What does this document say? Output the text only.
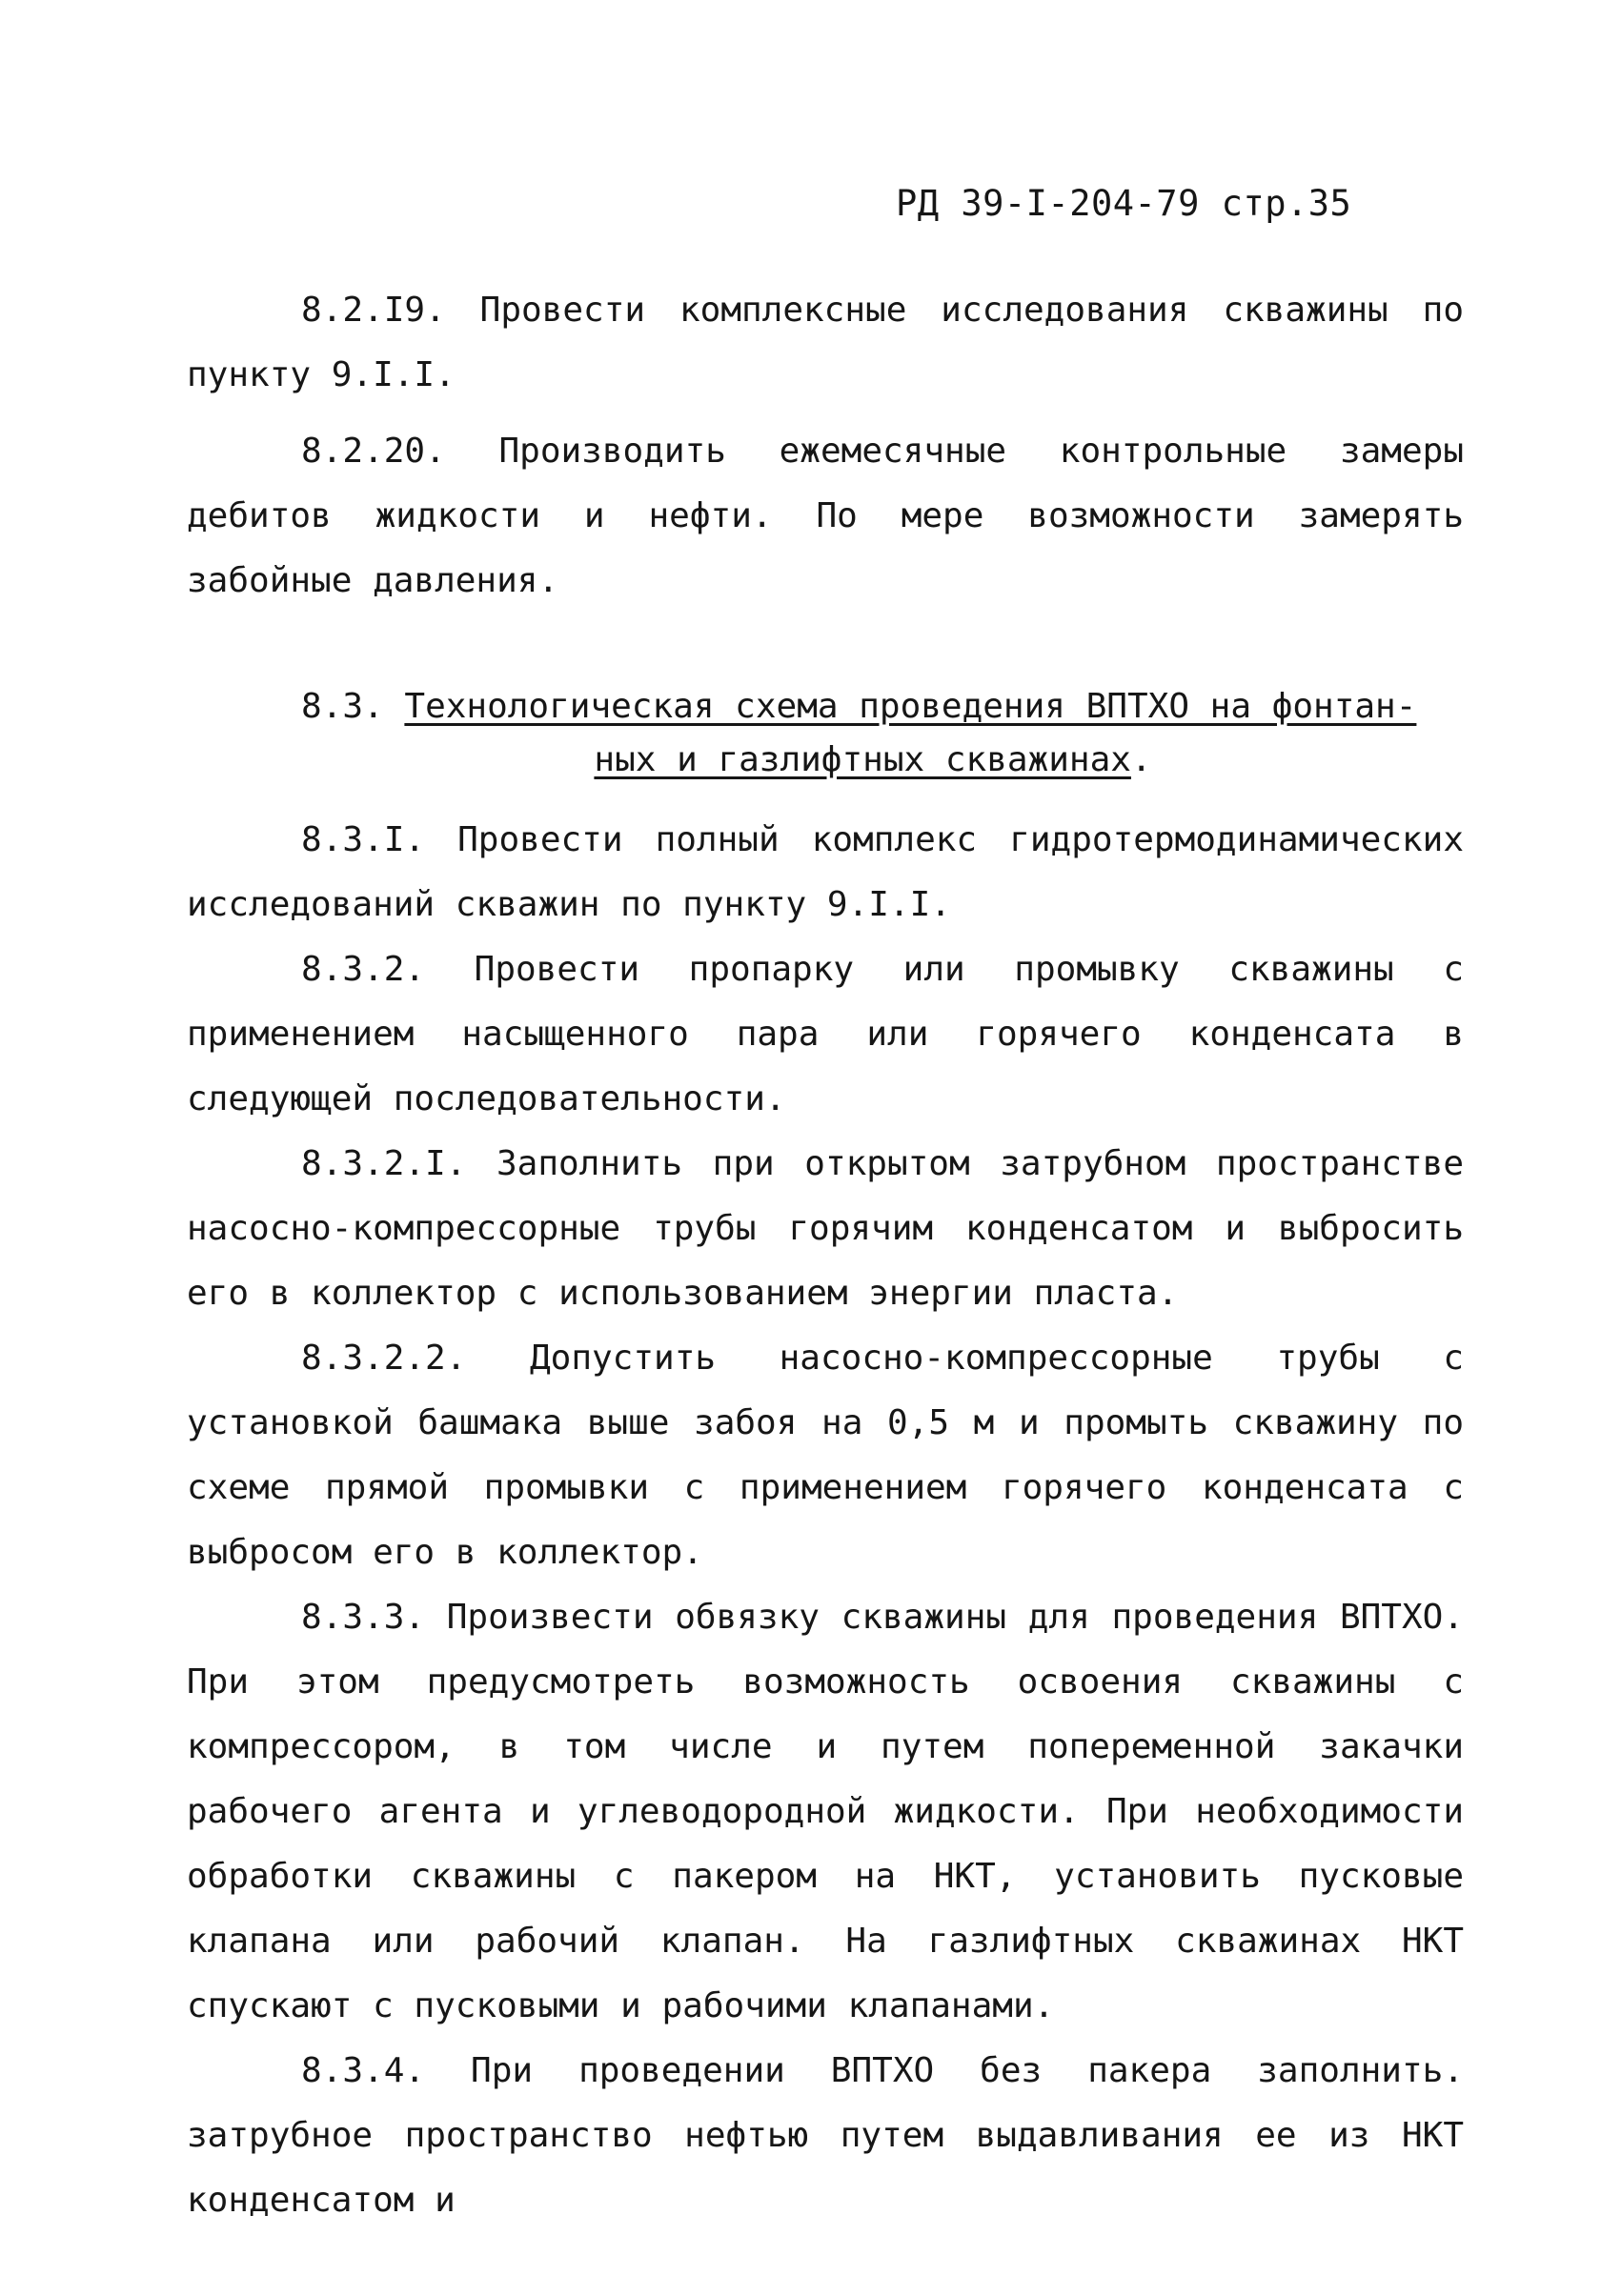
РД 39-I-204-79 стр.35

8.2.I9. Провести комплексные исследования скважины по пункту 9.I.I.

8.2.20. Производить ежемесячные контрольные замеры дебитов жидкости и нефти. По мере возможности замерять забойные давления.

8.3. Технологическая схема проведения ВПТХО на фонтан-
ных и газлифтных скважинах.

8.3.I. Провести полный комплекс гидротермодинамических исследований скважин по пункту 9.I.I.

8.3.2. Провести пропарку или промывку скважины с применением насыщенного пара или горячего конденсата в следующей последовательности.

8.3.2.I. Заполнить при открытом затрубном пространстве насосно-компрессорные трубы горячим конденсатом и выбросить его в коллектор с использованием энергии пласта.

8.3.2.2. Допустить насосно-компрессорные трубы с установкой башмака выше забоя на 0,5 м и промыть скважину по схеме прямой промывки с применением горячего конденсата с выбросом его в коллектор.

8.3.3. Произвести обвязку скважины для проведения ВПТХО. При этом предусмотреть возможность освоения скважины с компрессором, в том числе и путем попеременной закачки рабочего агента и углеводородной жидкости. При необходимости обработки скважины с пакером на НКТ, установить пусковые клапана или рабочий клапан. На газлифтных скважинах НКТ спускают с пусковыми и рабочими клапанами.

8.3.4. При проведении ВПТХО без пакера заполнить. затрубное пространство нефтью путем выдавливания ее из НКТ конденсатом и
